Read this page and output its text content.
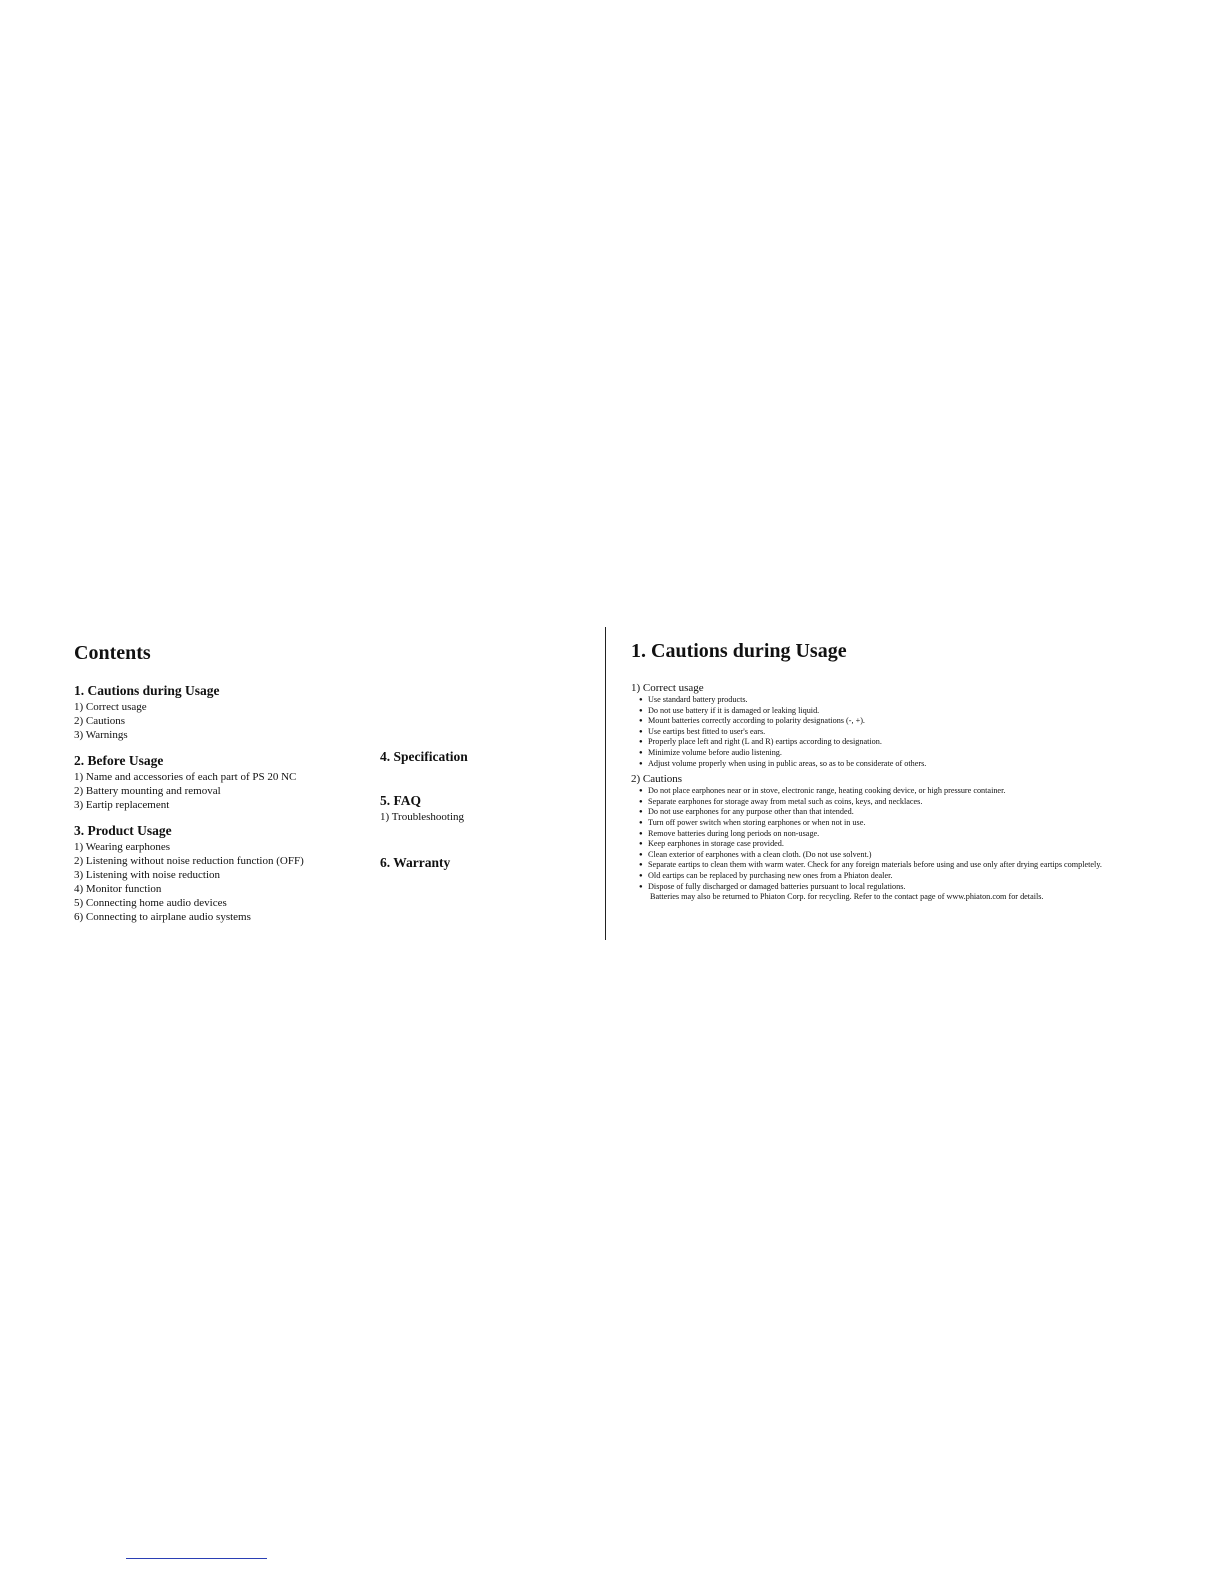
Contents
1. Cautions during Usage
1) Correct usage
2) Cautions
3) Warnings
2. Before Usage
1) Name and accessories of each part of PS 20 NC
2) Battery mounting and removal
3) Eartip replacement
3. Product Usage
1) Wearing earphones
2) Listening without noise reduction function (OFF)
3) Listening with noise reduction
4) Monitor function
5) Connecting home audio devices
6) Connecting to airplane audio systems
4. Specification
5. FAQ
1) Troubleshooting
6. Warranty
1. Cautions during Usage
1) Correct usage
● Use standard battery products.
● Do not use battery if it is damaged or leaking liquid.
● Mount batteries correctly according to polarity designations (-, +).
● Use eartips best fitted to user's ears.
● Properly place left and right (L and R) eartips according to designation.
● Minimize volume before audio listening.
● Adjust volume properly when using in public areas, so as to be considerate of others.
2) Cautions
● Do not place earphones near or in stove, electronic range, heating cooking device, or high pressure container.
● Separate earphones for storage away from metal such as coins, keys, and necklaces.
● Do not use earphones for any purpose other than that intended.
● Turn off power switch when storing earphones or when not in use.
● Remove batteries during long periods on non-usage.
● Keep earphones in storage case provided.
● Clean exterior of earphones with a clean cloth. (Do not use solvent.)
● Separate eartips to clean them with warm water. Check for any foreign materials before using and use only after drying eartips completely.
● Old eartips can be replaced by purchasing new ones from a Phiaton dealer.
● Dispose of fully discharged or damaged batteries pursuant to local regulations.
Batteries may also be returned to Phiaton Corp. for recycling. Refer to the contact page of www.phiaton.com for details.
